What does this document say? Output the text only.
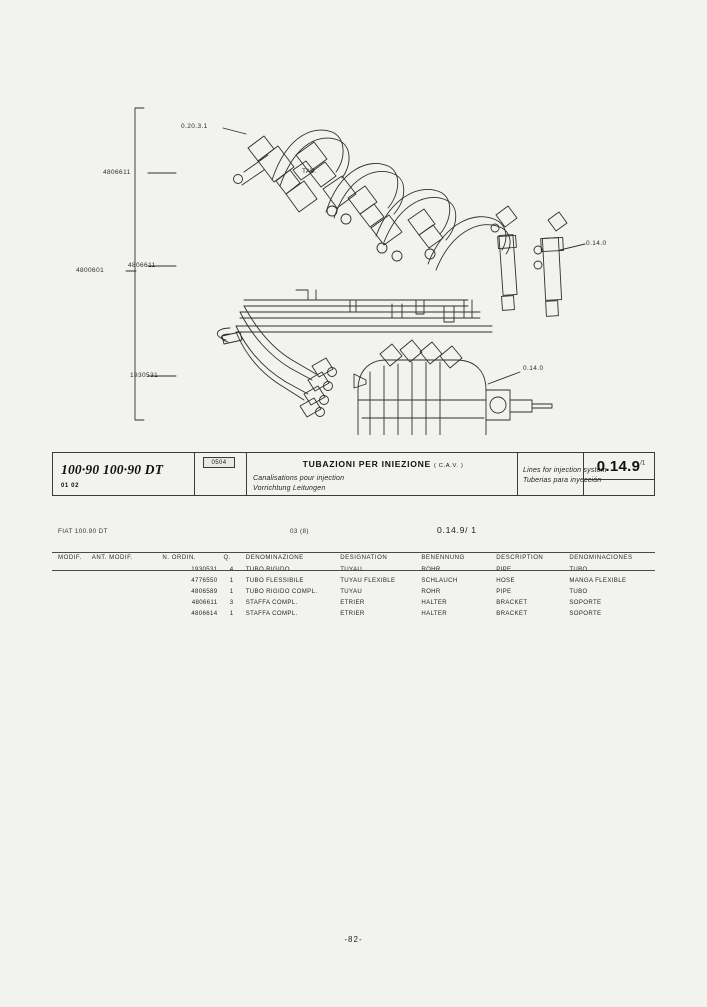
0.20.3.1
4806611
4806611
4800601
1930531
0.14.0
0.14.0
TAV.
100·90 100·90 DT
01 02
0504	TUBAZIONI PER INIEZIONE ( C.A.V. )
Canalisations pour injection
Vorrichtung Leitungen
Lines for injection system
Tuberias para inyección
$0.14.9^{/1}$
FIAT 100.90 DT	03 (8)	0.14.9/ 1
MODIF.	ANT. MODIF.		N. ORDIN.	Q.	DENOMINAZIONE	DESIGNATION	BENENNUNG	DESCRIPTION	DENOMINACIONES
			1930531	4	TUBO RIGIDO	TUYAU	ROHR	PIPE	TUBO
			4776550	1	TUBO FLESSIBILE	TUYAU FLEXIBLE	SCHLAUCH	HOSE	MANGA FLEXIBLE
			4806589	1	TUBO RIGIDO COMPL.	TUYAU	ROHR	PIPE	TUBO
			4806611	3	STAFFA COMPL.	ETRIER	HALTER	BRACKET	SOPORTE
			4806614	1	STAFFA COMPL.	ETRIER	HALTER	BRACKET	SOPORTE
-82-
